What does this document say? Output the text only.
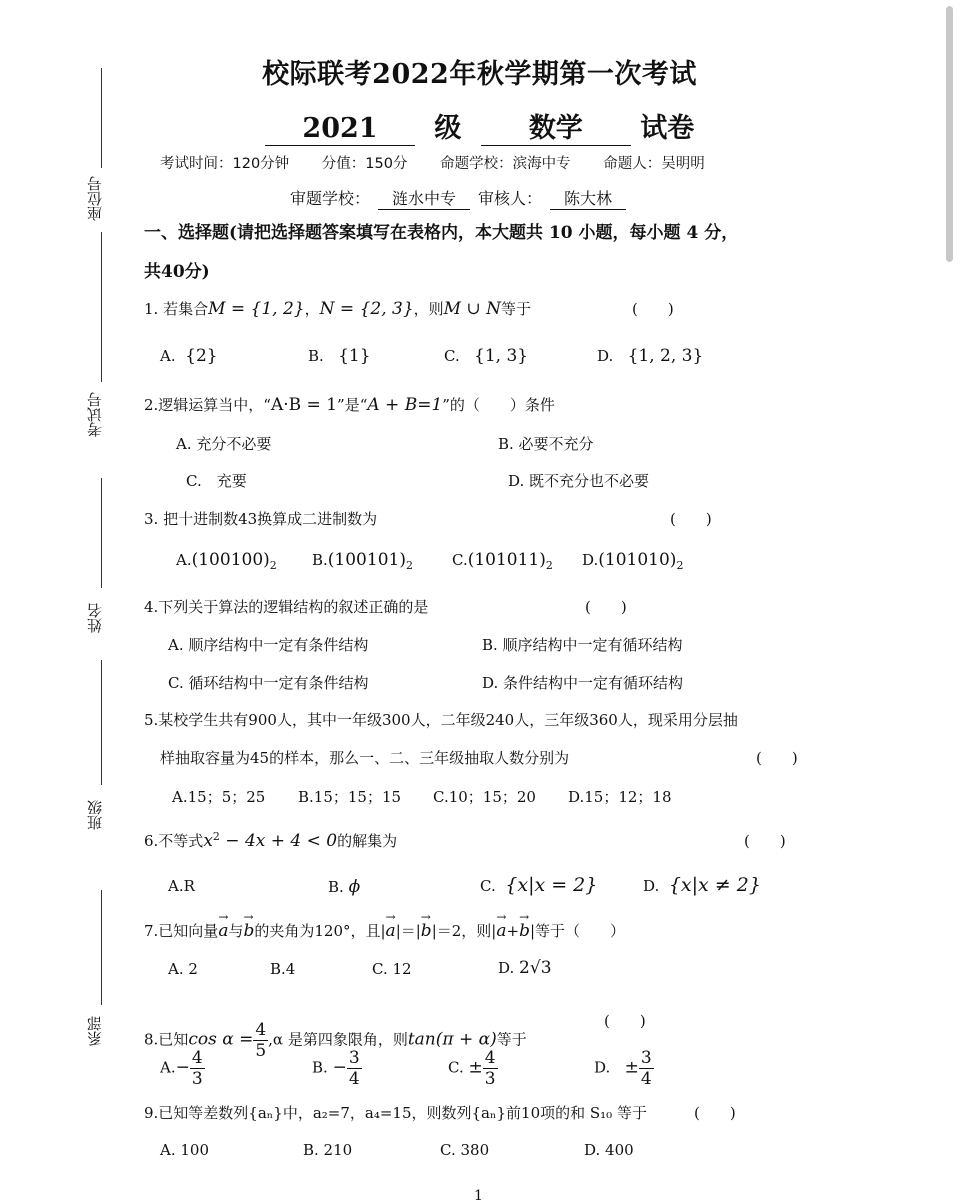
座位号
考试号
姓名
班级
系部
校际联考2022年秋学期第一次考试
2021 级 数学 试卷
考试时间：120分钟 分值：150分 命题学校：滨海中专 命题人：吴明明
审题学校： 涟水中专 审核人： 陈大林
一、选择题(请把选择题答案填写在表格内，本大题共 10 小题，每小题 4 分，
共40分)
1. 若集合M = {1, 2}，N = {2, 3}，则M ∪ N等于	(　　)
A. {2}	B. {1}	C. {1, 3}	D. {1, 2, 3}
2.逻辑运算当中，“A·B = 1”是“A + B=1”的（　　）条件
A. 充分不必要	B. 必要不充分
C.　充要	D. 既不充分也不必要
3. 把十进制数43换算成二进制数为	(　　)
$A.(100100)_2$ $B.(100101)_2$	$C.(101011)_2$ $D.(101010)_2$
4.下列关于算法的逻辑结构的叙述正确的是	(　　)
A. 顺序结构中一定有条件结构	B. 顺序结构中一定有循环结构
C. 循环结构中一定有条件结构	D. 条件结构中一定有循环结构
5.某校学生共有900人，其中一年级300人，二年级240人，三年级360人，现采用分层抽
样抽取容量为45的样本，那么一、二、三年级抽取人数分别为	(　　)
A.15；5；25 B.15；15；15 C.10；15；20 D.15；12；18
6.不等式$x^2 - 4x + 4 < 0$的解集为	(　　)
A.R	B. ϕ	C. {x|x = 2}	D. {x|x ≠ 2}
7.已知向量→ a与→ b的夹角为120°，且|→ a|＝|→ b|＝2，则|→ a+→ b|等于（　　）
A. 2	B.4	C. 12	D. 2√3
8.已知$\cos \alpha = \frac{4}{5} ,\alpha$ 是第四象限角，则tan(π + α)等于
(　　)
$A.- \frac{4}{3}$	B. − $\frac{3}{4}$	C. ± $\frac{4}{3}$	D. ± $\frac{3}{4}$
9.已知等差数列{aₙ}中，a₂=7，a₄=15，则数列{aₙ}前10项的和 S₁₀ 等于	(　　)
A. 100	B. 210	C. 380	D. 400
1
